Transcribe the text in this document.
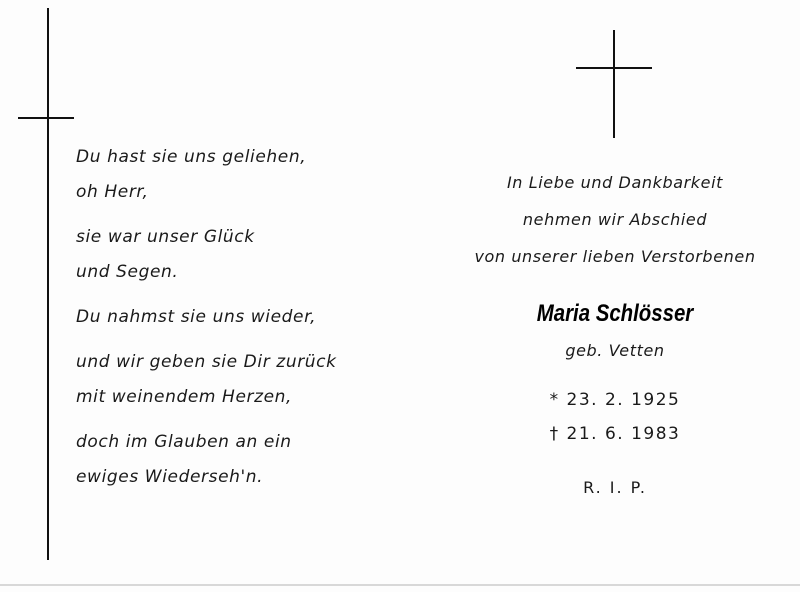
Du hast sie uns geliehen,
oh Herr,
sie war unser Glück
und Segen.
Du nahmst sie uns wieder,
und wir geben sie Dir zurück
mit weinendem Herzen,
doch im Glauben an ein
ewiges Wiederseh'n.
In Liebe und Dankbarkeit
nehmen wir Abschied
von unserer lieben Verstorbenen
Maria Schlösser
geb. Vetten
* 23. 2. 1925
† 21. 6. 1983
R. I. P.
